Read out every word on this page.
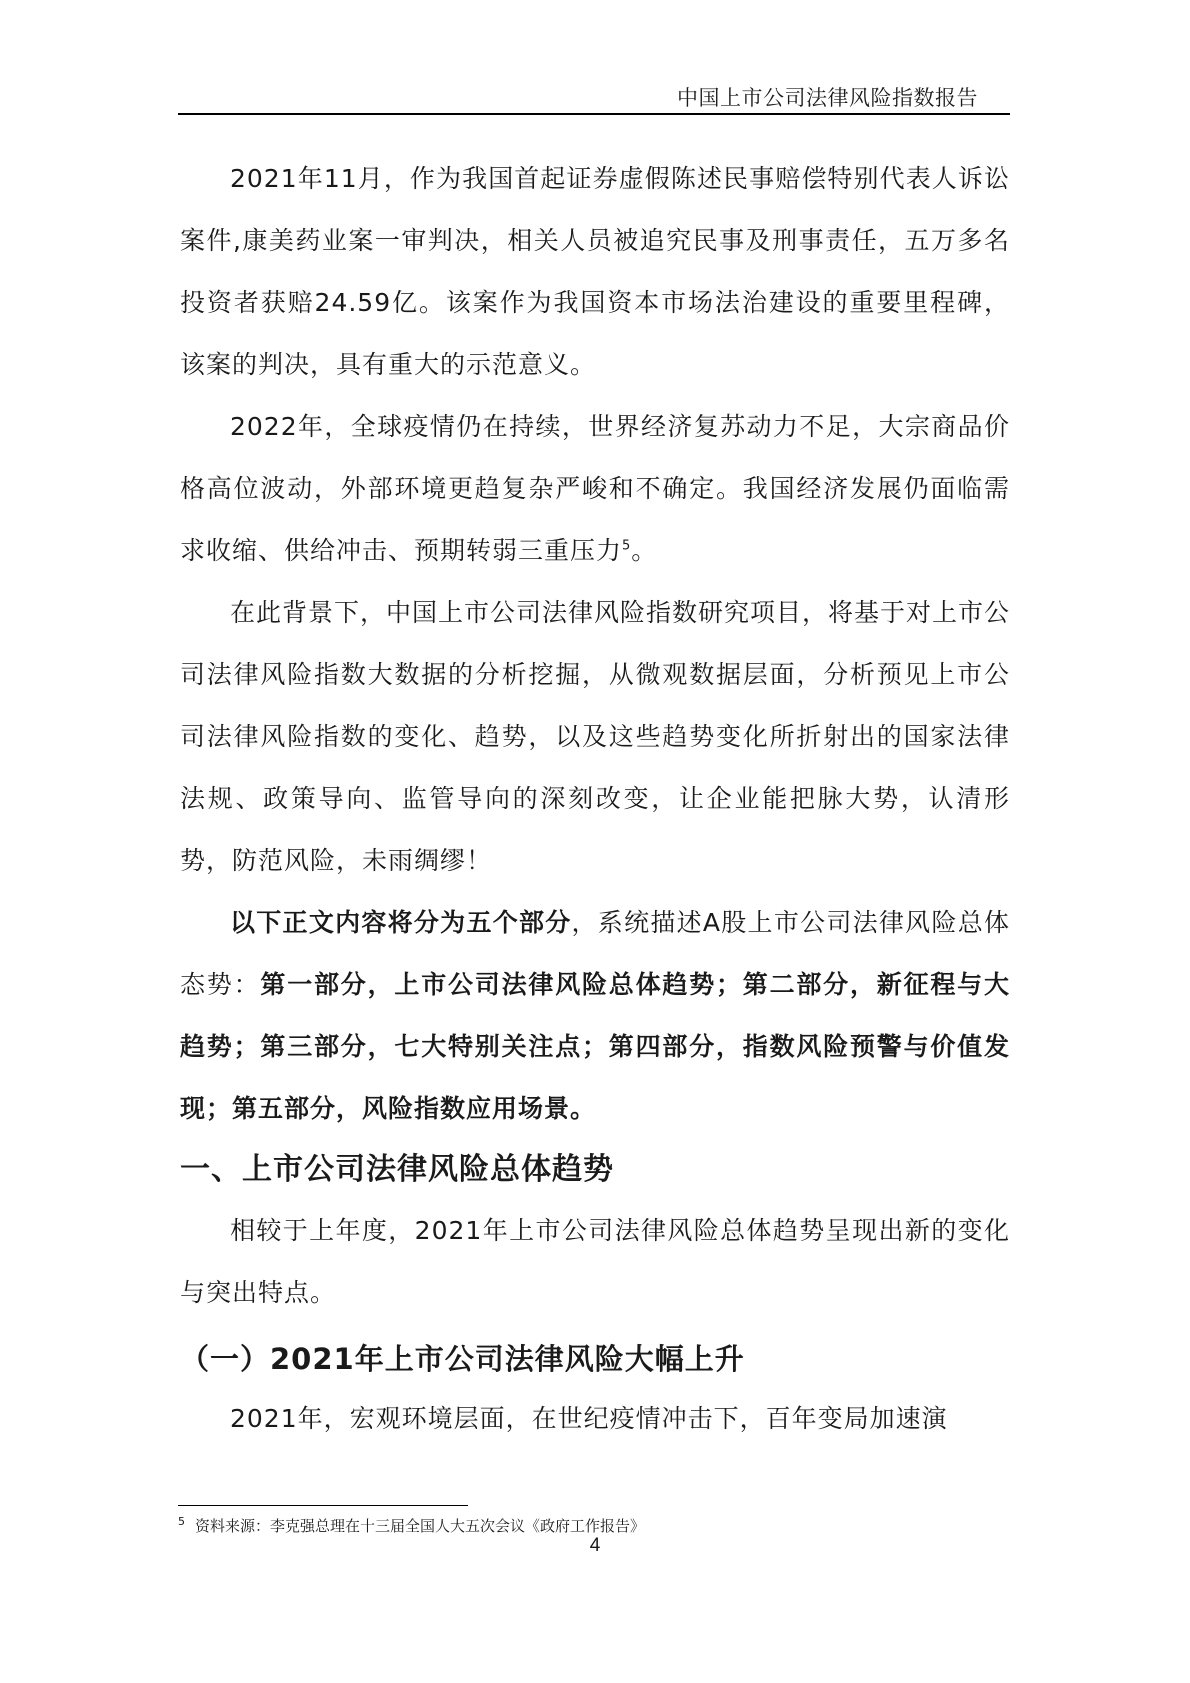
中国上市公司法律风险指数报告

2021年11月，作为我国首起证券虚假陈述民事赔偿特别代表人诉讼案件,康美药业案一审判决，相关人员被追究民事及刑事责任，五万多名投资者获赔24.59亿。该案作为我国资本市场法治建设的重要里程碑，该案的判决，具有重大的示范意义。

2022年，全球疫情仍在持续，世界经济复苏动力不足，大宗商品价格高位波动，外部环境更趋复杂严峻和不确定。我国经济发展仍面临需求收缩、供给冲击、预期转弱三重压力$^5$。

在此背景下，中国上市公司法律风险指数研究项目，将基于对上市公司法律风险指数大数据的分析挖掘，从微观数据层面，分析预见上市公司法律风险指数的变化、趋势，以及这些趋势变化所折射出的国家法律法规、政策导向、监管导向的深刻改变，让企业能把脉大势，认清形势，防范风险，未雨绸缪！

以下正文内容将分为五个部分，系统描述A股上市公司法律风险总体态势：第一部分，上市公司法律风险总体趋势；第二部分，新征程与大趋势；第三部分，七大特别关注点；第四部分，指数风险预警与价值发现；第五部分，风险指数应用场景。

一、上市公司法律风险总体趋势

相较于上年度，2021年上市公司法律风险总体趋势呈现出新的变化与突出特点。

（一）2021年上市公司法律风险大幅上升

2021年，宏观环境层面，在世纪疫情冲击下，百年变局加速演

$^5$ 资料来源：李克强总理在十三届全国人大五次会议《政府工作报告》
4
